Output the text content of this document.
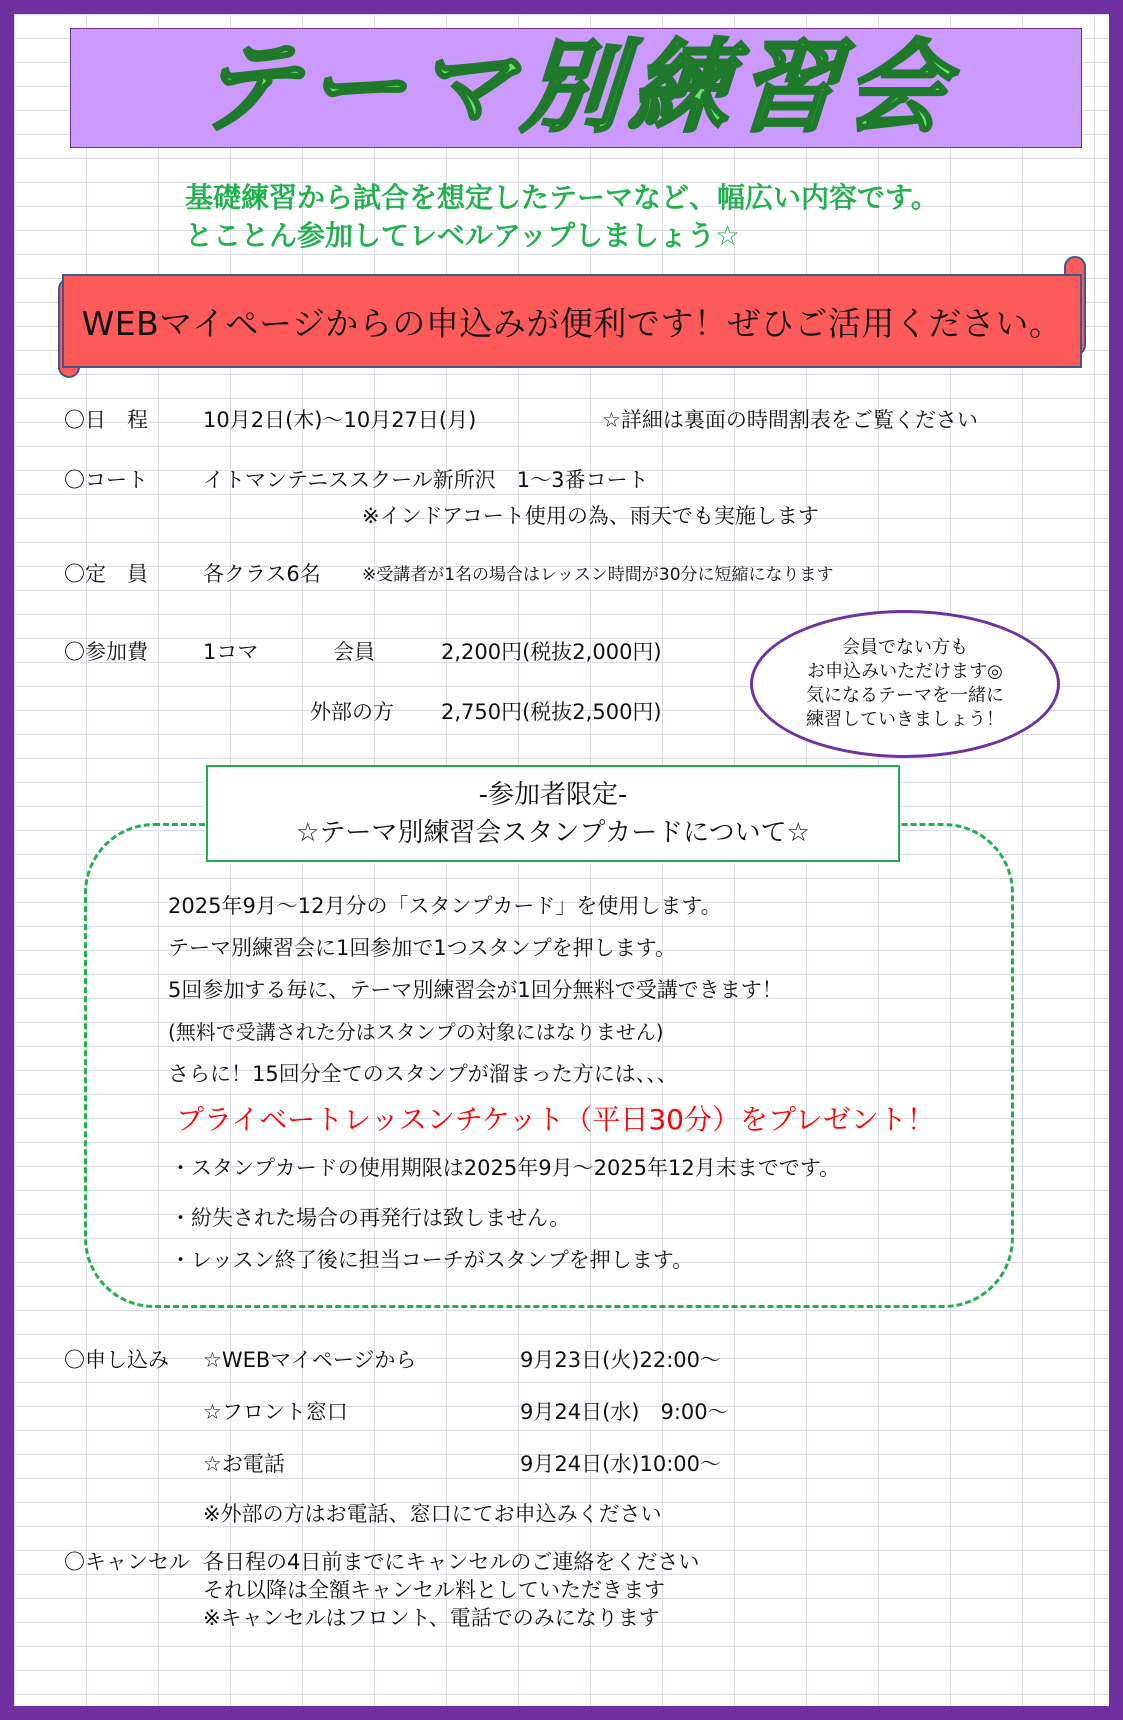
テーマ別練習会
基礎練習から試合を想定したテーマなど、幅広い内容です。
とことん参加してレベルアップしましょう☆
WEBマイページからの申込みが便利です！ぜひご活用ください。
〇日　程	10月2日(木)～10月27日(月)	☆詳細は裏面の時間割表をご覧ください
〇コート	イトマンテニススクール新所沢　1～3番コート
※インドアコート使用の為、雨天でも実施します
〇定　員	各クラス6名 ※受講者が1名の場合はレッスン時間が30分に短縮になります
〇参加費	1コマ	会員	2,200円(税抜2,000円)
外部の方 2,750円(税抜2,500円)
会員でない方も
お申込みいただけます◎
気になるテーマを一緒に
練習していきましょう！
-参加者限定-
☆テーマ別練習会スタンプカードについて☆
2025年9月～12月分の「スタンプカード」を使用します。
テーマ別練習会に1回参加で1つスタンプを押します。
5回参加する毎に、テーマ別練習会が1回分無料で受講できます！
(無料で受講された分はスタンプの対象にはなりません)
さらに！15回分全てのスタンプが溜まった方には、、、
プライベートレッスンチケット（平日30分）をプレゼント！
・スタンプカードの使用期限は2025年9月～2025年12月末までです。
・紛失された場合の再発行は致しません。
・レッスン終了後に担当コーチがスタンプを押します。
〇申し込み ☆WEBマイページから	9月23日(火)22:00～
☆フロント窓口	9月24日(水)　9:00～
☆お電話	9月24日(水)10:00～
※外部の方はお電話、窓口にてお申込みください
〇キャンセル 各日程の4日前までにキャンセルのご連絡をください
それ以降は全額キャンセル料としていただきます
※キャンセルはフロント、電話でのみになります
